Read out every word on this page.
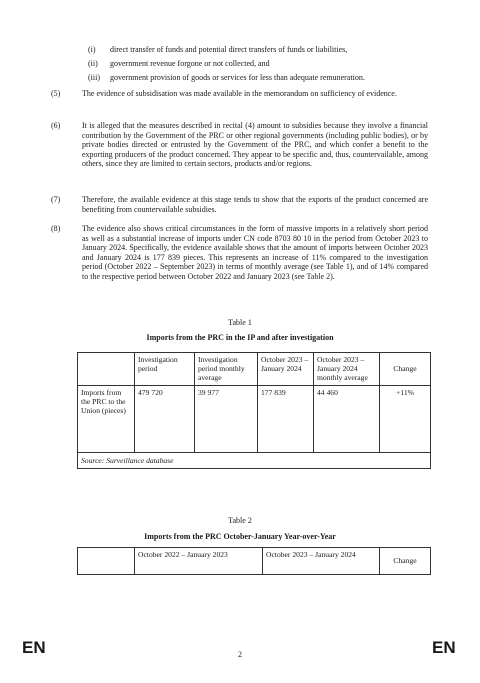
(i) direct transfer of funds and potential direct transfers of funds or liabilities,
(ii) government revenue forgone or not collected, and
(iii) government provision of goods or services for less than adequate remuneration.
(5)	The evidence of subsidisation was made available in the memorandum on sufficiency of evidence.
(6)	It is alleged that the measures described in recital (4) amount to subsidies because they involve a financial contribution by the Government of the PRC or other regional governments (including public bodies), or by private bodies directed or entrusted by the Government of the PRC, and which confer a benefit to the exporting producers of the product concerned. They appear to be specific and, thus, countervailable, among others, since they are limited to certain sectors, products and/or regions.
(7)	Therefore, the available evidence at this stage tends to show that the exports of the product concerned are benefiting from countervailable subsidies.
(8)	The evidence also shows critical circumstances in the form of massive imports in a relatively short period as well as a substantial increase of imports under CN code 8703 80 10 in the period from October 2023 to January 2024. Specifically, the evidence available shows that the amount of imports between October 2023 and January 2024 is 177 839 pieces. This represents an increase of 11% compared to the investigation period (October 2022 – September 2023) in terms of monthly average (see Table 1), and of 14% compared to the respective period between October 2022 and January 2023 (see Table 2).
Table 1
Imports from the PRC in the IP and after investigation
	Investigation period	Investigation period monthly average	October 2023 – January 2024	October 2023 – January 2024 monthly average	Change
Imports from the PRC to the Union (pieces)	479 720	39 977	177 839	44 460	+11%
Source: Surveillance database					
Table 2
Imports from the PRC October-January Year-over-Year
	October 2022 – January 2023	October 2023 – January 2024	Change
EN	2	EN
